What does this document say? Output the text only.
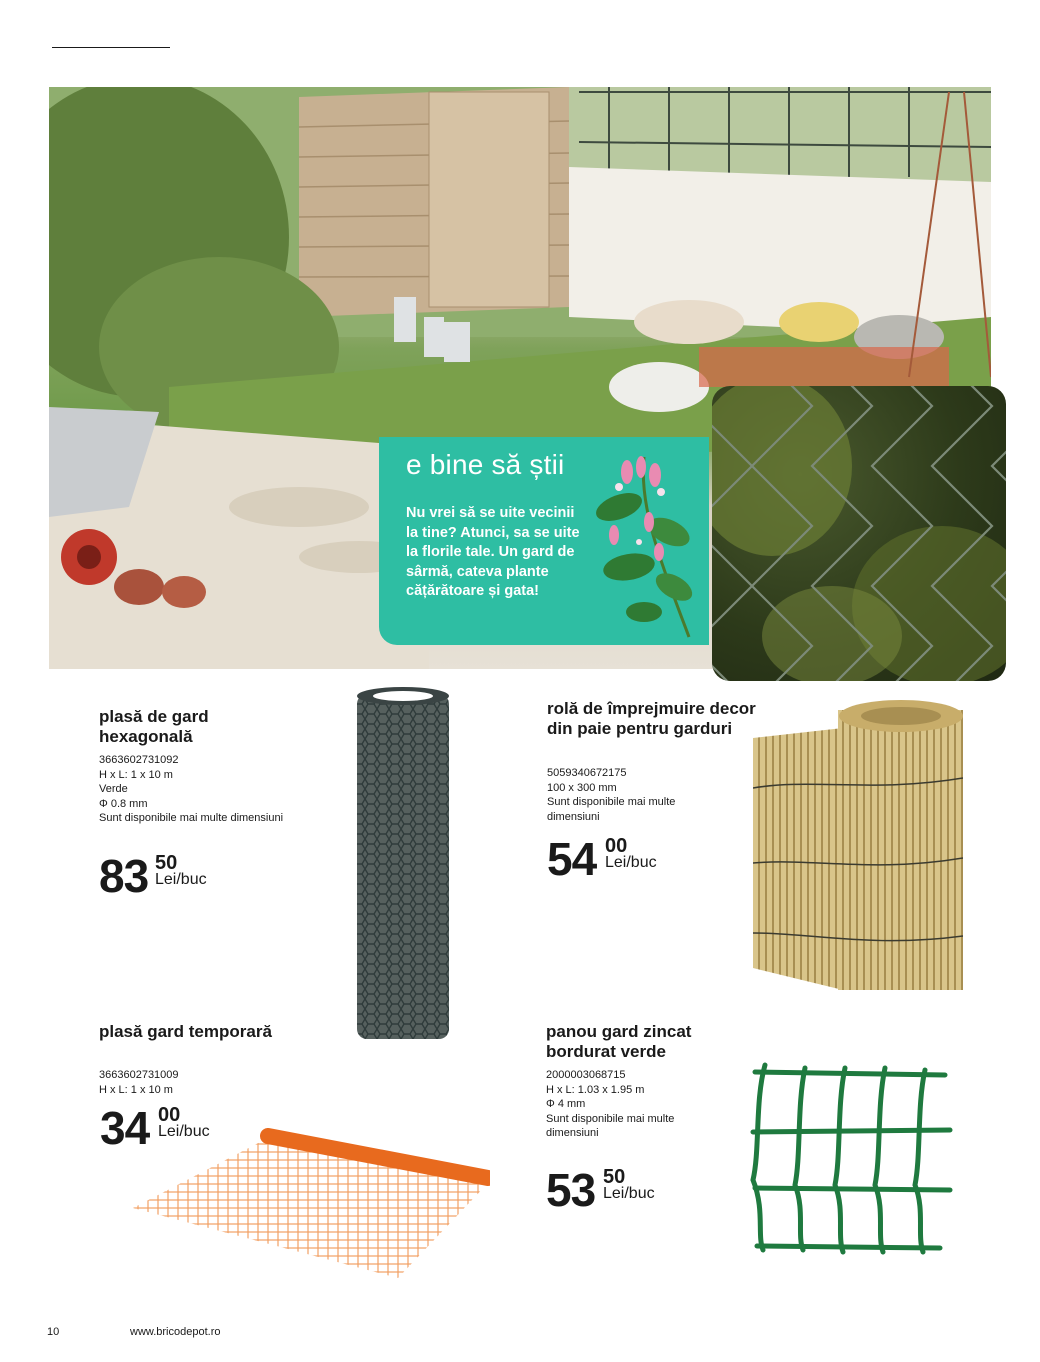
e bine să știi
Nu vrei să se uite vecinii la tine? Atunci, sa se uite la florile tale. Un gard de sârmă, cateva plante cățărătoare și gata!
plasă de gard hexagonală
3663602731092
H x L: 1 x 10 m
Verde
Φ 0.8 mm
Sunt disponibile mai multe dimensiuni
83 50
Lei/buc
rolă de împrejmuire decor din paie pentru garduri
5059340672175
100 x 300 mm
Sunt disponibile mai multe dimensiuni
54 00
Lei/buc
plasă gard temporară
3663602731009
H x L: 1 x 10 m
34 00
Lei/buc
panou gard zincat bordurat verde
2000003068715
H x L: 1.03 x 1.95 m
Φ 4 mm
Sunt disponibile mai multe dimensiuni
53 50
Lei/buc
10	www.bricodepot.ro
